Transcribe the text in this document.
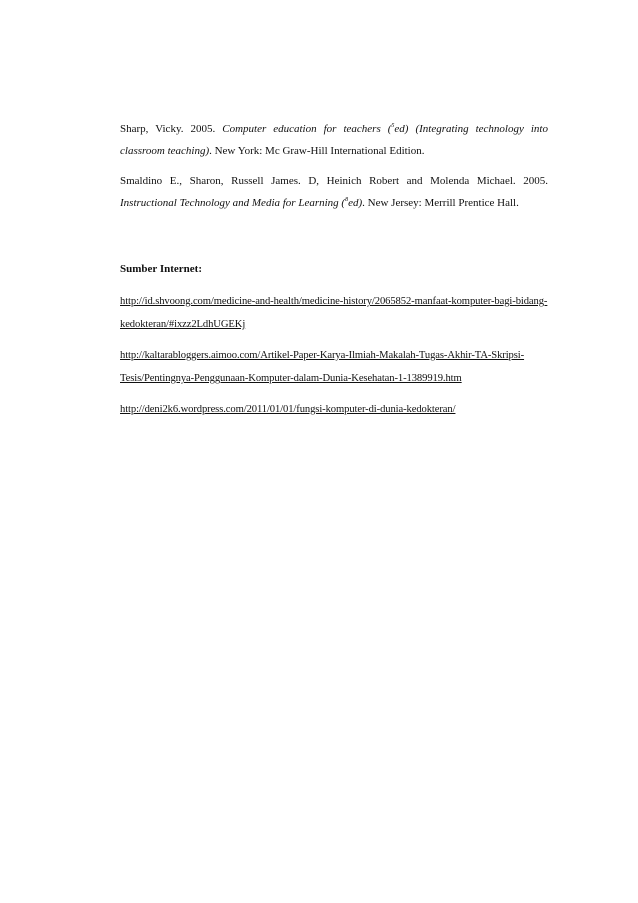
Sharp, Vicky. 2005. Computer education for teachers ($^5$ed) (Integrating technology into classroom teaching). New York: Mc Graw-Hill International Edition.

Smaldino E., Sharon, Russell James. D, Heinich Robert and Molenda Michael. 2005. Instructional Technology and Media for Learning ($^8$ed). New Jersey: Merrill Prentice Hall.

Sumber Internet:

http://id.shvoong.com/medicine-and-health/medicine-history/2065852-manfaat-komputer-bagi-bidang-kedokteran/#ixzz2LdhUGEKj

http://kaltarabloggers.aimoo.com/Artikel-Paper-Karya-Ilmiah-Makalah-Tugas-Akhir-TA-Skripsi-Tesis/Pentingnya-Penggunaan-Komputer-dalam-Dunia-Kesehatan-1-1389919.htm

http://deni2k6.wordpress.com/2011/01/01/fungsi-komputer-di-dunia-kedokteran/
